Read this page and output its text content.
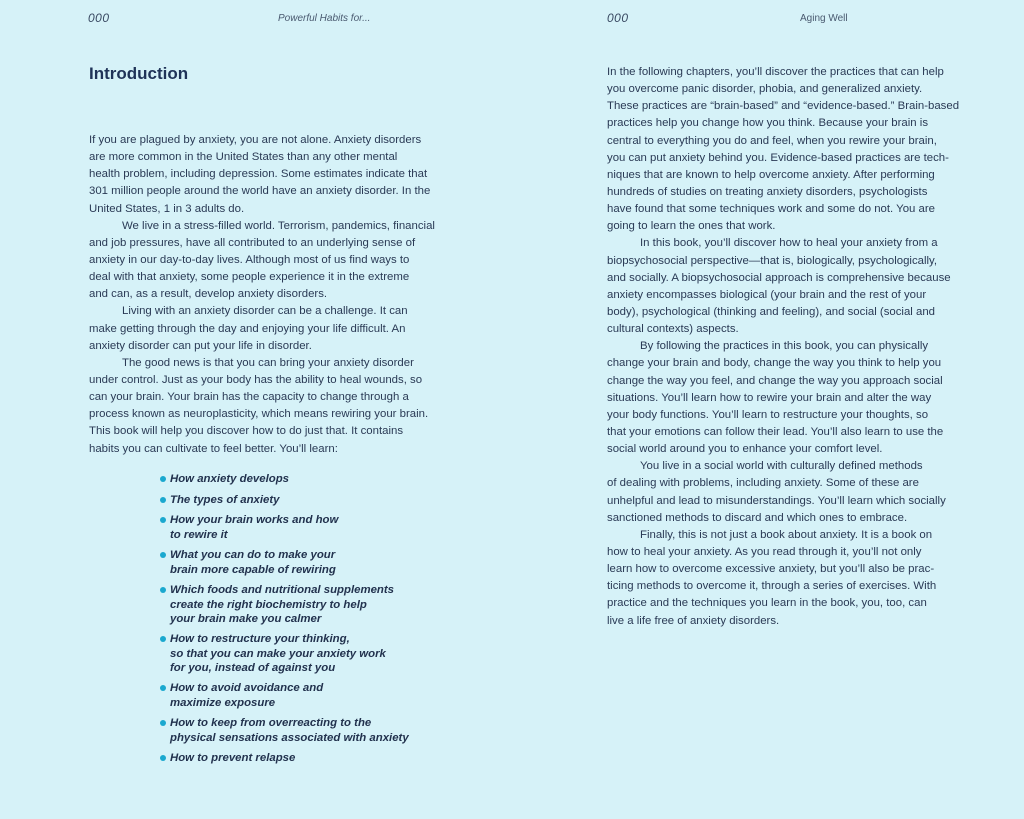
000	Powerful Habits for...	000	Aging Well
Introduction
If you are plagued by anxiety, you are not alone. Anxiety disorders
are more common in the United States than any other mental
health problem, including depression. Some estimates indicate that
301 million people around the world have an anxiety disorder. In the
United States, 1 in 3 adults do.
We live in a stress-filled world. Terrorism, pandemics, financial
and job pressures, have all contributed to an underlying sense of
anxiety in our day-to-day lives. Although most of us find ways to
deal with that anxiety, some people experience it in the extreme
and can, as a result, develop anxiety disorders.
Living with an anxiety disorder can be a challenge. It can
make getting through the day and enjoying your life difficult. An
anxiety disorder can put your life in disorder.
The good news is that you can bring your anxiety disorder
under control. Just as your body has the ability to heal wounds, so
can your brain. Your brain has the capacity to change through a
process known as neuroplasticity, which means rewiring your brain.
This book will help you discover how to do just that. It contains
habits you can cultivate to feel better. You’ll learn:
How anxiety develops
The types of anxiety
How your brain works and how
to rewire it
What you can do to make your
brain more capable of rewiring
Which foods and nutritional supplements
create the right biochemistry to help
your brain make you calmer
How to restructure your thinking,
so that you can make your anxiety work
for you, instead of against you
How to avoid avoidance and
maximize exposure
How to keep from overreacting to the
physical sensations associated with anxiety
How to prevent relapse
In the following chapters, you’ll discover the practices that can help
you overcome panic disorder, phobia, and generalized anxiety.
These practices are “brain-based” and “evidence-based.” Brain-based
practices help you change how you think. Because your brain is
central to everything you do and feel, when you rewire your brain,
you can put anxiety behind you. Evidence-based practices are tech-
niques that are known to help overcome anxiety. After performing
hundreds of studies on treating anxiety disorders, psychologists
have found that some techniques work and some do not. You are
going to learn the ones that work.
In this book, you’ll discover how to heal your anxiety from a
biopsychosocial perspective—that is, biologically, psychologically,
and socially. A biopsychosocial approach is comprehensive because
anxiety encompasses biological (your brain and the rest of your
body), psychological (thinking and feeling), and social (social and
cultural contexts) aspects.
By following the practices in this book, you can physically
change your brain and body, change the way you think to help you
change the way you feel, and change the way you approach social
situations. You’ll learn how to rewire your brain and alter the way
your body functions. You’ll learn to restructure your thoughts, so
that your emotions can follow their lead. You’ll also learn to use the
social world around you to enhance your comfort level.
You live in a social world with culturally defined methods
of dealing with problems, including anxiety. Some of these are
unhelpful and lead to misunderstandings. You’ll learn which socially
sanctioned methods to discard and which ones to embrace.
Finally, this is not just a book about anxiety. It is a book on
how to heal your anxiety. As you read through it, you’ll not only
learn how to overcome excessive anxiety, but you’ll also be prac-
ticing methods to overcome it, through a series of exercises. With
practice and the techniques you learn in the book, you, too, can
live a life free of anxiety disorders.
